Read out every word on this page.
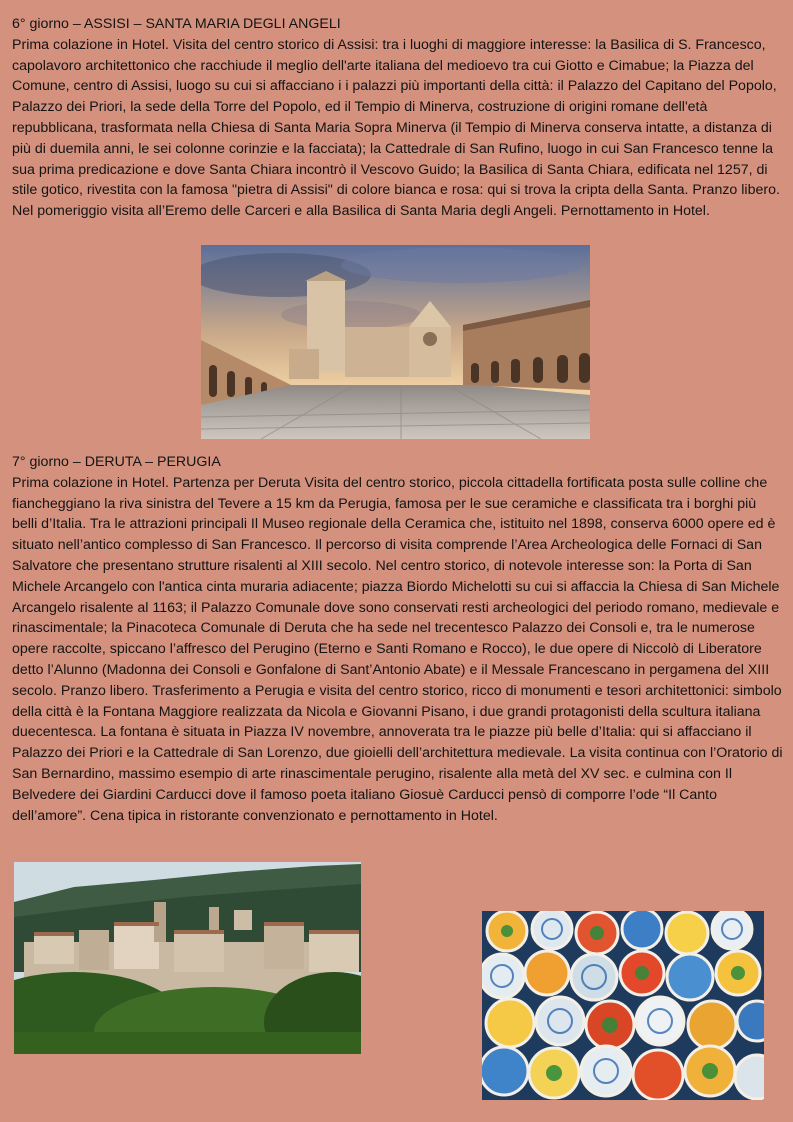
6° giorno – ASSISI – SANTA MARIA DEGLI ANGELI

Prima colazione in Hotel. Visita del centro storico di Assisi: tra i luoghi di maggiore interesse: la Basilica di S. Francesco, capolavoro architettonico che racchiude il meglio dell'arte italiana del medioevo tra cui Giotto e Cimabue; la Piazza del Comune, centro di Assisi, luogo su cui si affacciano i i palazzi più importanti della città: il Palazzo del Capitano del Popolo, Palazzo dei Priori, la sede della Torre del Popolo, ed il Tempio di Minerva, costruzione di origini romane dell'età repubblicana, trasformata nella Chiesa di Santa Maria Sopra Minerva (il Tempio di Minerva conserva intatte, a distanza di più di duemila anni, le sei colonne corinzie e la facciata); la Cattedrale di San Rufino, luogo in cui San Francesco tenne la sua prima predicazione e dove Santa Chiara incontrò il Vescovo Guido; la Basilica di Santa Chiara, edificata nel 1257, di stile gotico, rivestita con la famosa "pietra di Assisi" di colore bianca e rosa: qui si trova la cripta della Santa. Pranzo libero. Nel pomeriggio visita all’Eremo delle Carceri e alla Basilica di Santa Maria degli Angeli. Pernottamento in Hotel.

7° giorno – DERUTA – PERUGIA

Prima colazione in Hotel. Partenza per Deruta Visita del centro storico, piccola cittadella fortificata posta sulle colline che fiancheggiano la riva sinistra del Tevere a 15 km da Perugia, famosa per le sue ceramiche e classificata tra i borghi più belli d’Italia. Tra le attrazioni principali Il Museo regionale della Ceramica che, istituito nel 1898, conserva 6000 opere ed è situato nell’antico complesso di San Francesco. Il percorso di visita comprende l’Area Archeologica delle Fornaci di San Salvatore che presentano strutture risalenti al XIII secolo. Nel centro storico, di notevole interesse son: la Porta di San Michele Arcangelo con l'antica cinta muraria adiacente; piazza Biordo Michelotti su cui si affaccia la Chiesa di San Michele Arcangelo risalente al 1163; il Palazzo Comunale dove sono conservati resti archeologici del periodo romano, medievale e rinascimentale; la Pinacoteca Comunale di Deruta che ha sede nel trecentesco Palazzo dei Consoli e, tra le numerose opere raccolte, spiccano l’affresco del Perugino (Eterno e Santi Romano e Rocco), le due opere di Niccolò di Liberatore detto l’Alunno (Madonna dei Consoli e Gonfalone di Sant’Antonio Abate) e il Messale Francescano in pergamena del XIII secolo. Pranzo libero. Trasferimento a Perugia e visita del centro storico, ricco di monumenti e tesori architettonici: simbolo della città è la Fontana Maggiore realizzata da Nicola e Giovanni Pisano, i due grandi protagonisti della scultura italiana duecentesca. La fontana è situata in Piazza IV novembre, annoverata tra le piazze più belle d’Italia: qui si affacciano il Palazzo dei Priori e la Cattedrale di San Lorenzo, due gioielli dell’architettura medievale. La visita continua con l’Oratorio di San Bernardino, massimo esempio di arte rinascimentale perugino, risalente alla metà del XV sec. e culmina con Il Belvedere dei Giardini Carducci dove il famoso poeta italiano Giosuè Carducci pensò di comporre l’ode “Il Canto dell’amore”. Cena tipica in ristorante convenzionato e pernottamento in Hotel.
